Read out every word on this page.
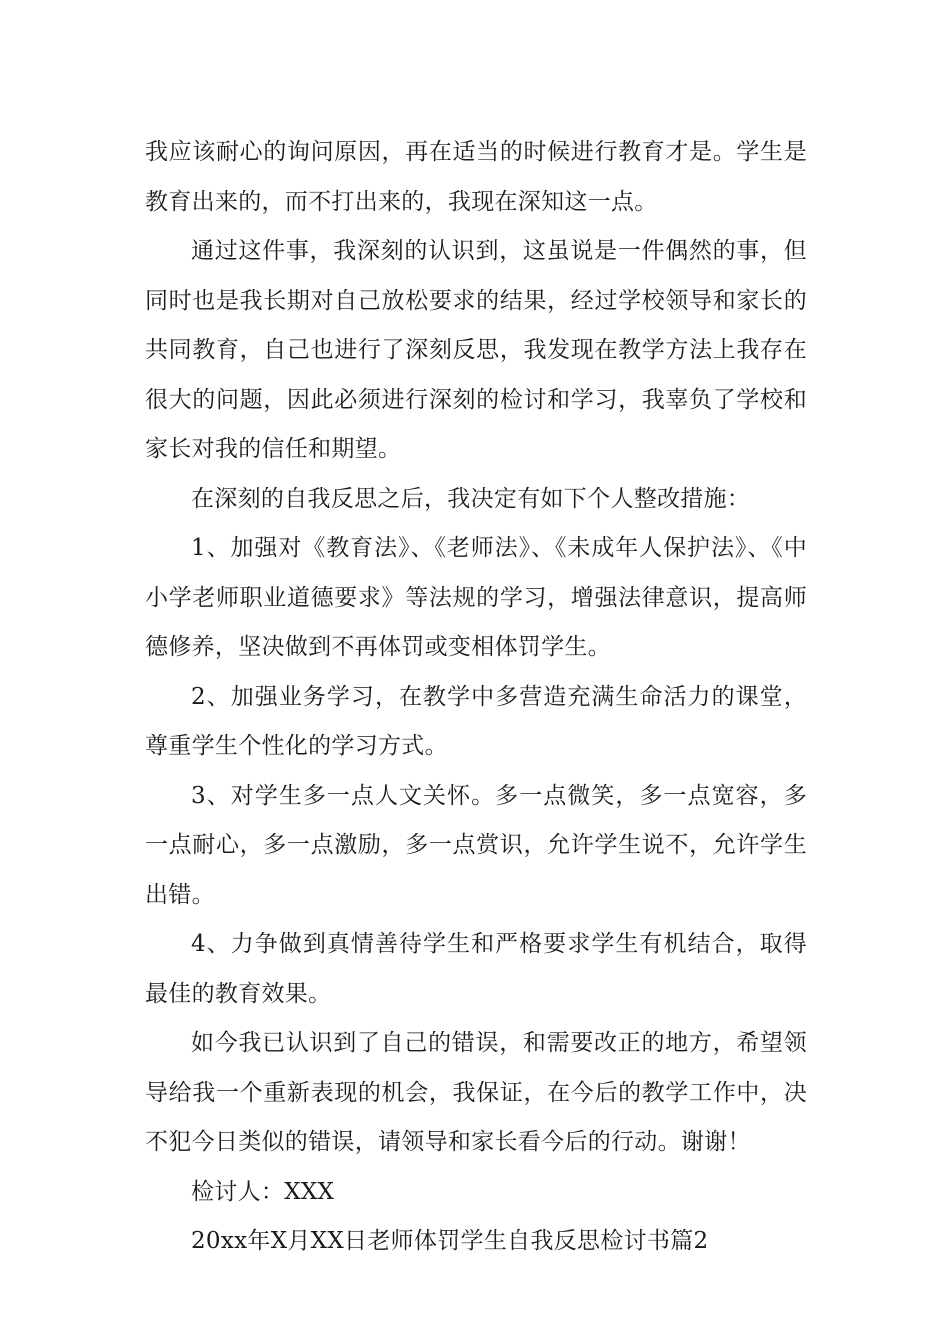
我应该耐心的询问原因，再在适当的时候进行教育才是。学生是教育出来的，而不打出来的，我现在深知这一点。

通过这件事，我深刻的认识到，这虽说是一件偶然的事，但同时也是我长期对自己放松要求的结果，经过学校领导和家长的共同教育，自己也进行了深刻反思，我发现在教学方法上我存在很大的问题，因此必须进行深刻的检讨和学习，我辜负了学校和家长对我的信任和期望。

在深刻的自我反思之后，我决定有如下个人整改措施：

1、加强对《教育法》、《老师法》、《未成年人保护法》、《中小学老师职业道德要求》等法规的学习，增强法律意识，提高师德修养，坚决做到不再体罚或变相体罚学生。

2、加强业务学习，在教学中多营造充满生命活力的课堂，尊重学生个性化的学习方式。

3、对学生多一点人文关怀。多一点微笑，多一点宽容，多一点耐心，多一点激励，多一点赏识，允许学生说不，允许学生出错。

4、力争做到真情善待学生和严格要求学生有机结合，取得最佳的教育效果。

如今我已认识到了自己的错误，和需要改正的地方，希望领导给我一个重新表现的机会，我保证，在今后的教学工作中，决不犯今日类似的错误，请领导和家长看今后的行动。谢谢！

检讨人：XXX

20xx年X月XX日老师体罚学生自我反思检讨书篇2
